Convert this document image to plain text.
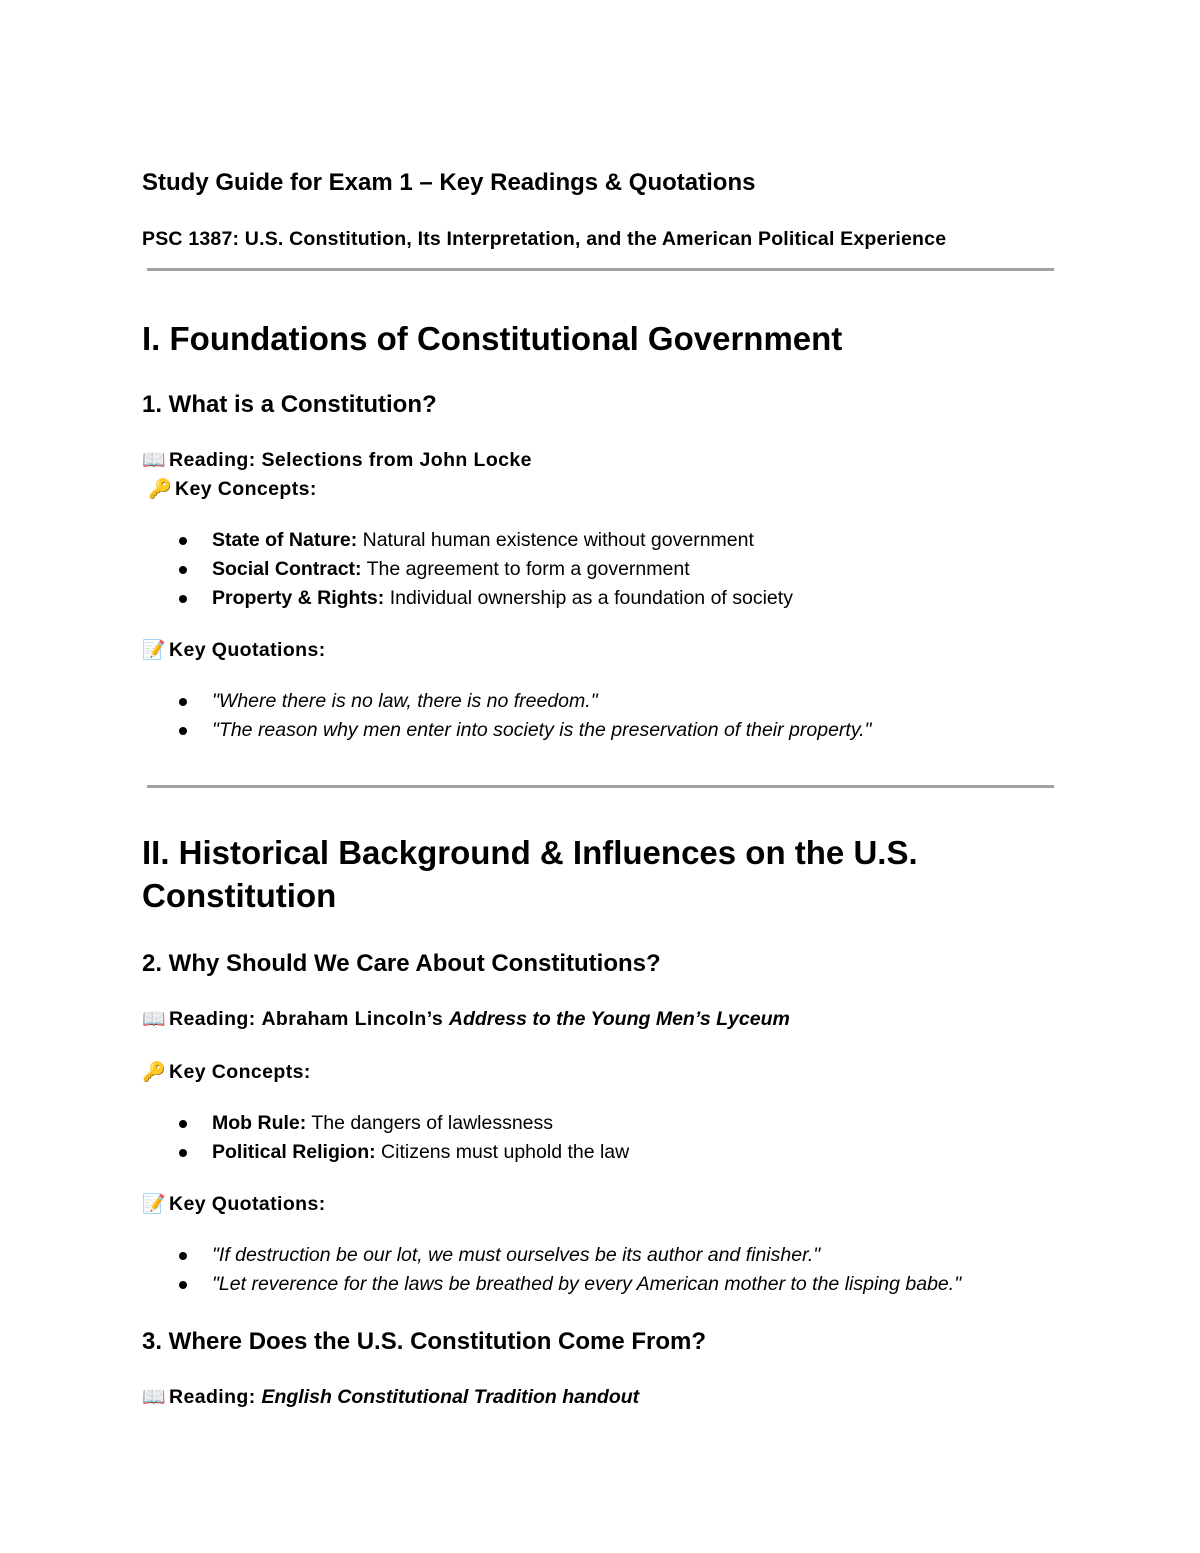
Study Guide for Exam 1 – Key Readings & Quotations

PSC 1387: U.S. Constitution, Its Interpretation, and the American Political Experience

I. Foundations of Constitutional Government
1. What is a Constitution?

📖 Reading: Selections from John Locke

🔑 Key Concepts:

State of Nature: Natural human existence without government
Social Contract: The agreement to form a government
Property & Rights: Individual ownership as a foundation of society

📝 Key Quotations:

"Where there is no law, there is no freedom."
"The reason why men enter into society is the preservation of their property."
II. Historical Background & Influences on the U.S.
Constitution
2. Why Should We Care About Constitutions?

📖 Reading: Abraham Lincoln’s Address to the Young Men’s Lyceum

🔑 Key Concepts:

Mob Rule: The dangers of lawlessness
Political Religion: Citizens must uphold the law

📝 Key Quotations:

"If destruction be our lot, we must ourselves be its author and finisher."
"Let reverence for the laws be breathed by every American mother to the lisping babe."
3. Where Does the U.S. Constitution Come From?

📖 Reading: English Constitutional Tradition handout
